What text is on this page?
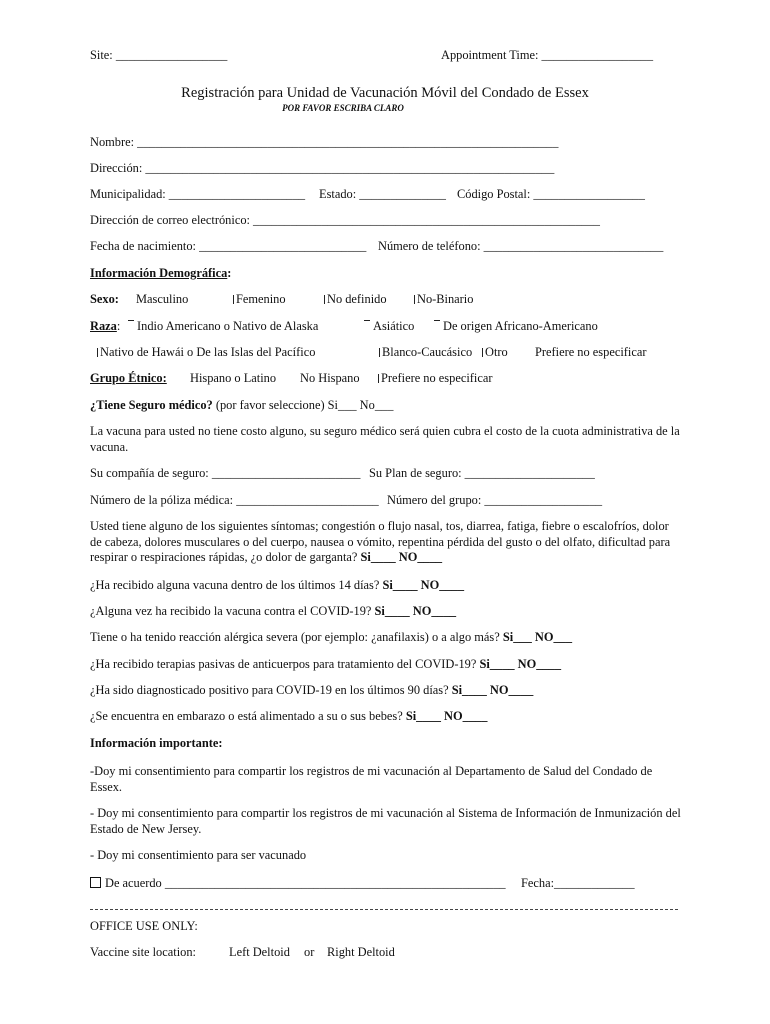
Site: __________________	Appointment Time: __________________
Registración para Unidad de Vacunación Móvil del Condado de Essex
POR FAVOR ESCRIBA CLARO
Nombre: ____________________________________________________________________
Dirección: __________________________________________________________________
Municipalidad: ______________________ Estado: ______________ Código Postal: __________________
Dirección de correo electrónico: ________________________________________________________
Fecha de nacimiento: ___________________________ Número de teléfono: _____________________________
Información Demográfica:
Sexo: Masculino	Femenino	No definido No-Binario
Raza:	Indio Americano o Nativo de Alaska	Asiático	De origen Africano-Americano
Nativo de Hawái o De las Islas del Pacífico	Blanco-Caucásico Otro Prefiere no especificar
Grupo Étnico: Hispano o Latino No Hispano Prefiere no especificar
¿Tiene Seguro médico? (por favor seleccione) Si___ No___
La vacuna para usted no tiene costo alguno, su seguro médico será quien cubra el costo de la cuota administrativa de la vacuna.
Su compañía de seguro: ________________________ Su Plan de seguro: _____________________
Número de la póliza médica: _______________________ Número del grupo: ___________________
Usted tiene alguno de los siguientes síntomas; congestión o flujo nasal, tos, diarrea, fatiga, fiebre o escalofríos, dolor de cabeza, dolores musculares o del cuerpo, nausea o vómito, repentina pérdida del gusto o del olfato, dificultad para respirar o respiraciones rápidas, ¿o dolor de garganta? Si____ NO____
¿Ha recibido alguna vacuna dentro de los últimos 14 días? Si____ NO____
¿Alguna vez ha recibido la vacuna contra el COVID-19? Si____ NO____
Tiene o ha tenido reacción alérgica severa (por ejemplo: ¿anafilaxis) o a algo más? Si___ NO___
¿Ha recibido terapias pasivas de anticuerpos para tratamiento del COVID-19? Si____ NO____
¿Ha sido diagnosticado positivo para COVID-19 en los últimos 90 días? Si____ NO____
¿Se encuentra en embarazo o está alimentado a su o sus bebes? Si____ NO____
Información importante:
-Doy mi consentimiento para compartir los registros de mi vacunación al Departamento de Salud del Condado de Essex.
- Doy mi consentimiento para compartir los registros de mi vacunación al Sistema de Información de Inmunización del Estado de New Jersey.
- Doy mi consentimiento para ser vacunado
De acuerdo _______________________________________________________ Fecha:_____________
OFFICE USE ONLY:
Vaccine site location:	Left Deltoid or Right Deltoid
